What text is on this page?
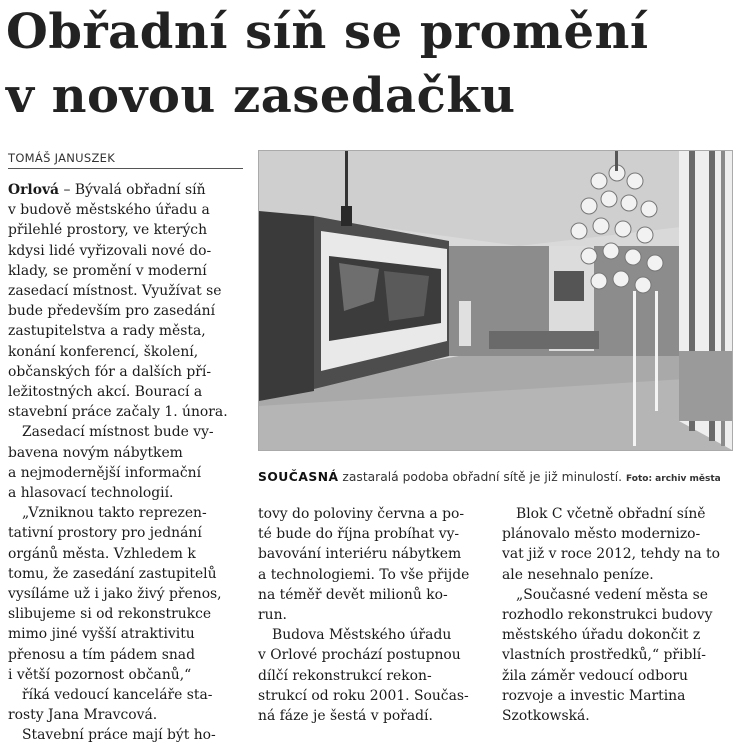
Obřadní síň se promění
v novou zasedačku
TOMÁŠ JANUSZEK

Orlová – Bývalá obřadní síň

v budově městského úřadu a

přilehlé prostory, ve kterých

kdysi lidé vyřizovali nové do-

klady, se promění v moderní

zasedací místnost. Využívat se

bude především pro zasedání

zastupitelstva a rady města,

konání konferencí, školení,

občanských fór a dalších pří-

ležitostných akcí. Bourací a

stavební práce začaly 1. února.

Zasedací místnost bude vy-

bavena novým nábytkem

a nejmodernější informační

a hlasovací technologií.

„Vzniknou takto reprezen-

tativní prostory pro jednání

orgánů města. Vzhledem k

tomu, že zasedání zastupitelů

vysíláme už i jako živý přenos,

slibujeme si od rekonstrukce

mimo jiné vyšší atraktivitu

přenosu a tím pádem snad

i větší pozornost občanů,“

říká vedoucí kanceláře sta-

rosty Jana Mravcová.

Stavební práce mají být ho-

SOUČASNÁ zastaralá podoba obřadní sítě je již minulostí. Foto: archiv města

tovy do poloviny června a po-

té bude do října probíhat vy-

bavování interiéru nábytkem

a technologiemi. To vše přijde

na téměř devět milionů ko-

run.

Budova Městského úřadu

v Orlové prochází postupnou

dílčí rekonstrukcí rekon-

strukcí od roku 2001. Součas-

ná fáze je šestá v pořadí.

Blok C včetně obřadní síně

plánovalo město modernizo-

vat již v roce 2012, tehdy na to

ale nesehnalo peníze.

„Současné vedení města se

rozhodlo rekonstrukci budovy

městského úřadu dokončit z

vlastních prostředků,“ přiblí-

žila záměr vedoucí odboru

rozvoje a investic Martina

Szotkowská.
